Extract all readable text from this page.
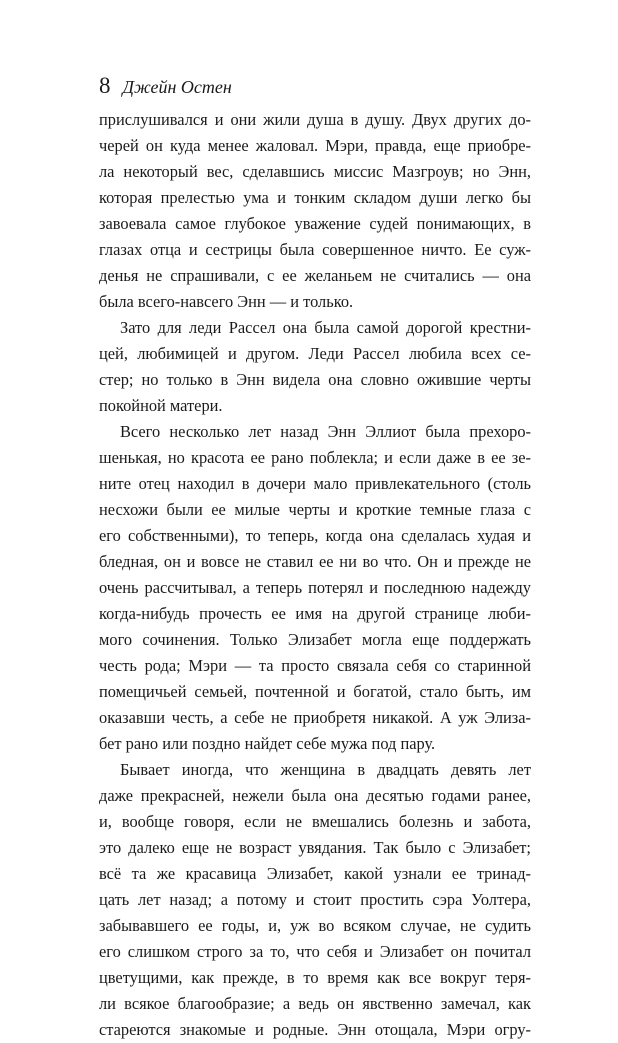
8 Джейн Остен
прислушивался и они жили душа в душу. Двух других до-
черей он куда менее жаловал. Мэри, правда, еще приобре-
ла некоторый вес, сделавшись миссис Мазгроув; но Энн,
которая прелестью ума и тонким складом души легко бы
завоевала самое глубокое уважение судей понимающих, в
глазах отца и сестрицы была совершенное ничто. Ее суж-
денья не спрашивали, с ее желаньем не считались — она
была всего-навсего Энн — и только.
Зато для леди Рассел она была самой дорогой крестни-
цей, любимицей и другом. Леди Рассел любила всех се-
стер; но только в Энн видела она словно ожившие черты
покойной матери.
Всего несколько лет назад Энн Эллиот была прехоро-
шенькая, но красота ее рано поблекла; и если даже в ее зе-
ните отец находил в дочери мало привлекательного (столь
несхожи были ее милые черты и кроткие темные глаза с
его собственными), то теперь, когда она сделалась худая и
бледная, он и вовсе не ставил ее ни во что. Он и прежде не
очень рассчитывал, а теперь потерял и последнюю надежду
когда-нибудь прочесть ее имя на другой странице люби-
мого сочинения. Только Элизабет могла еще поддержать
честь рода; Мэри — та просто связала себя со старинной
помещичьей семьей, почтенной и богатой, стало быть, им
оказавши честь, а себе не приобретя никакой. А уж Элиза-
бет рано или поздно найдет себе мужа под пару.
Бывает иногда, что женщина в двадцать девять лет
даже прекрасней, нежели была она десятью годами ранее,
и, вообще говоря, если не вмешались болезнь и забота,
это далеко еще не возраст увядания. Так было с Элизабет;
всё та же красавица Элизабет, какой узнали ее тринад-
цать лет назад; а потому и стоит простить сэра Уолтера,
забывавшего ее годы, и, уж во всяком случае, не судить
его слишком строго за то, что себя и Элизабет он почитал
цветущими, как прежде, в то время как все вокруг теря-
ли всякое благообразие; а ведь он явственно замечал, как
стареются знакомые и родные. Энн отощала, Мэри огру-
